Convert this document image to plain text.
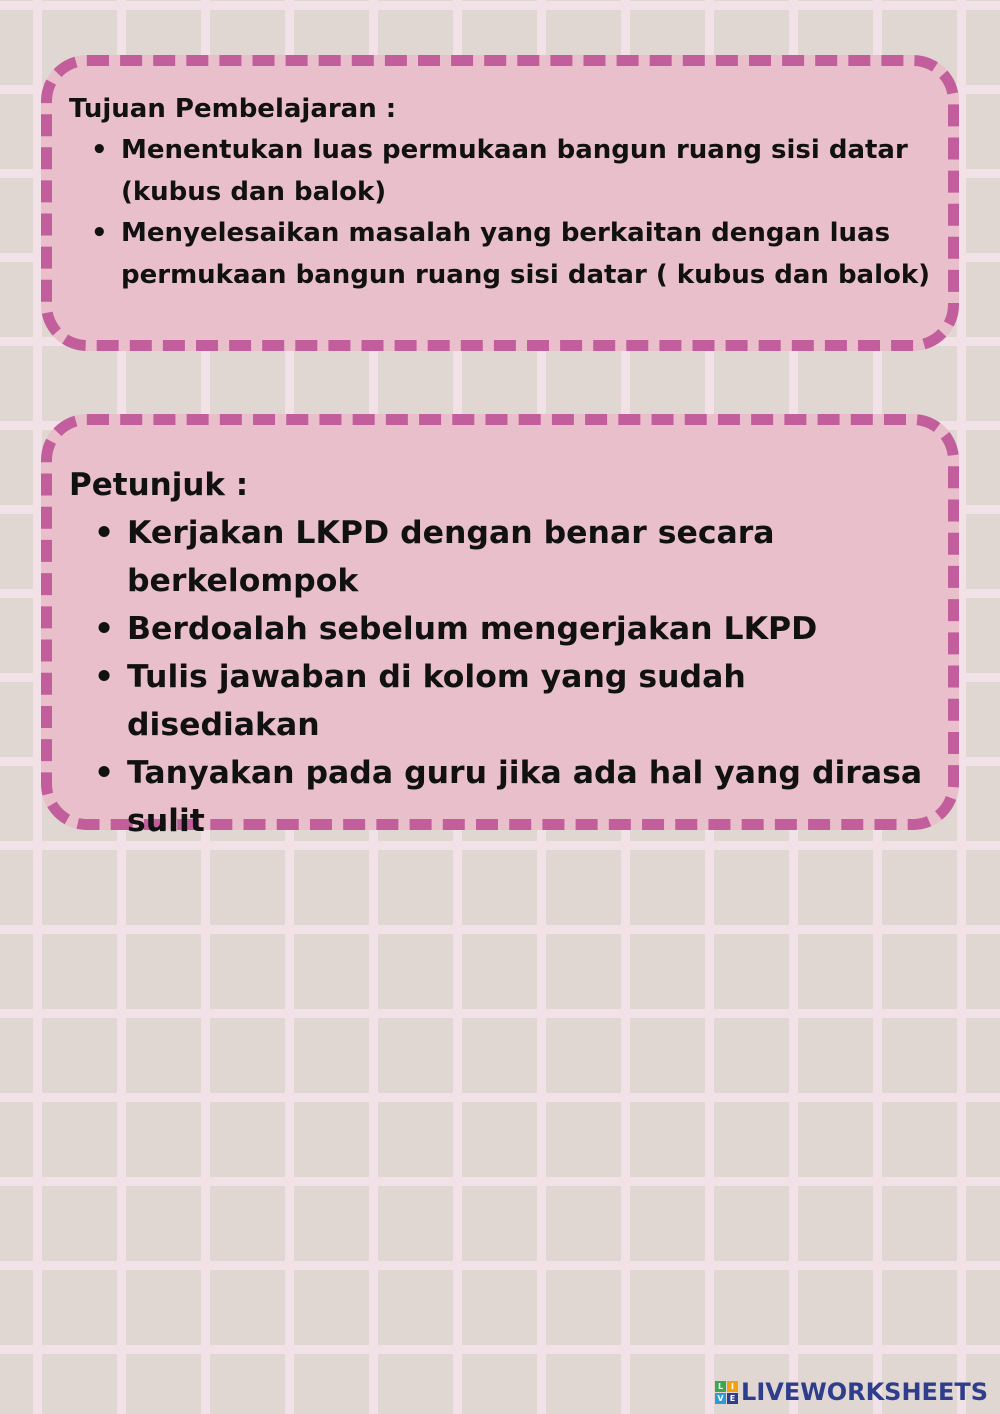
Tujuan Pembelajaran :

• Menentukan luas permukaan bangun ruang sisi datar (kubus dan balok)
• Menyelesaikan masalah yang berkaitan dengan luas permukaan bangun ruang sisi datar ( kubus dan balok)

Petunjuk :

• Kerjakan LKPD dengan benar secara berkelompok
• Berdoalah sebelum mengerjakan LKPD
• Tulis jawaban di kolom yang sudah disediakan
• Tanyakan pada guru jika ada hal yang dirasa sulit
L I
V E LIVEWORKSHEETS
